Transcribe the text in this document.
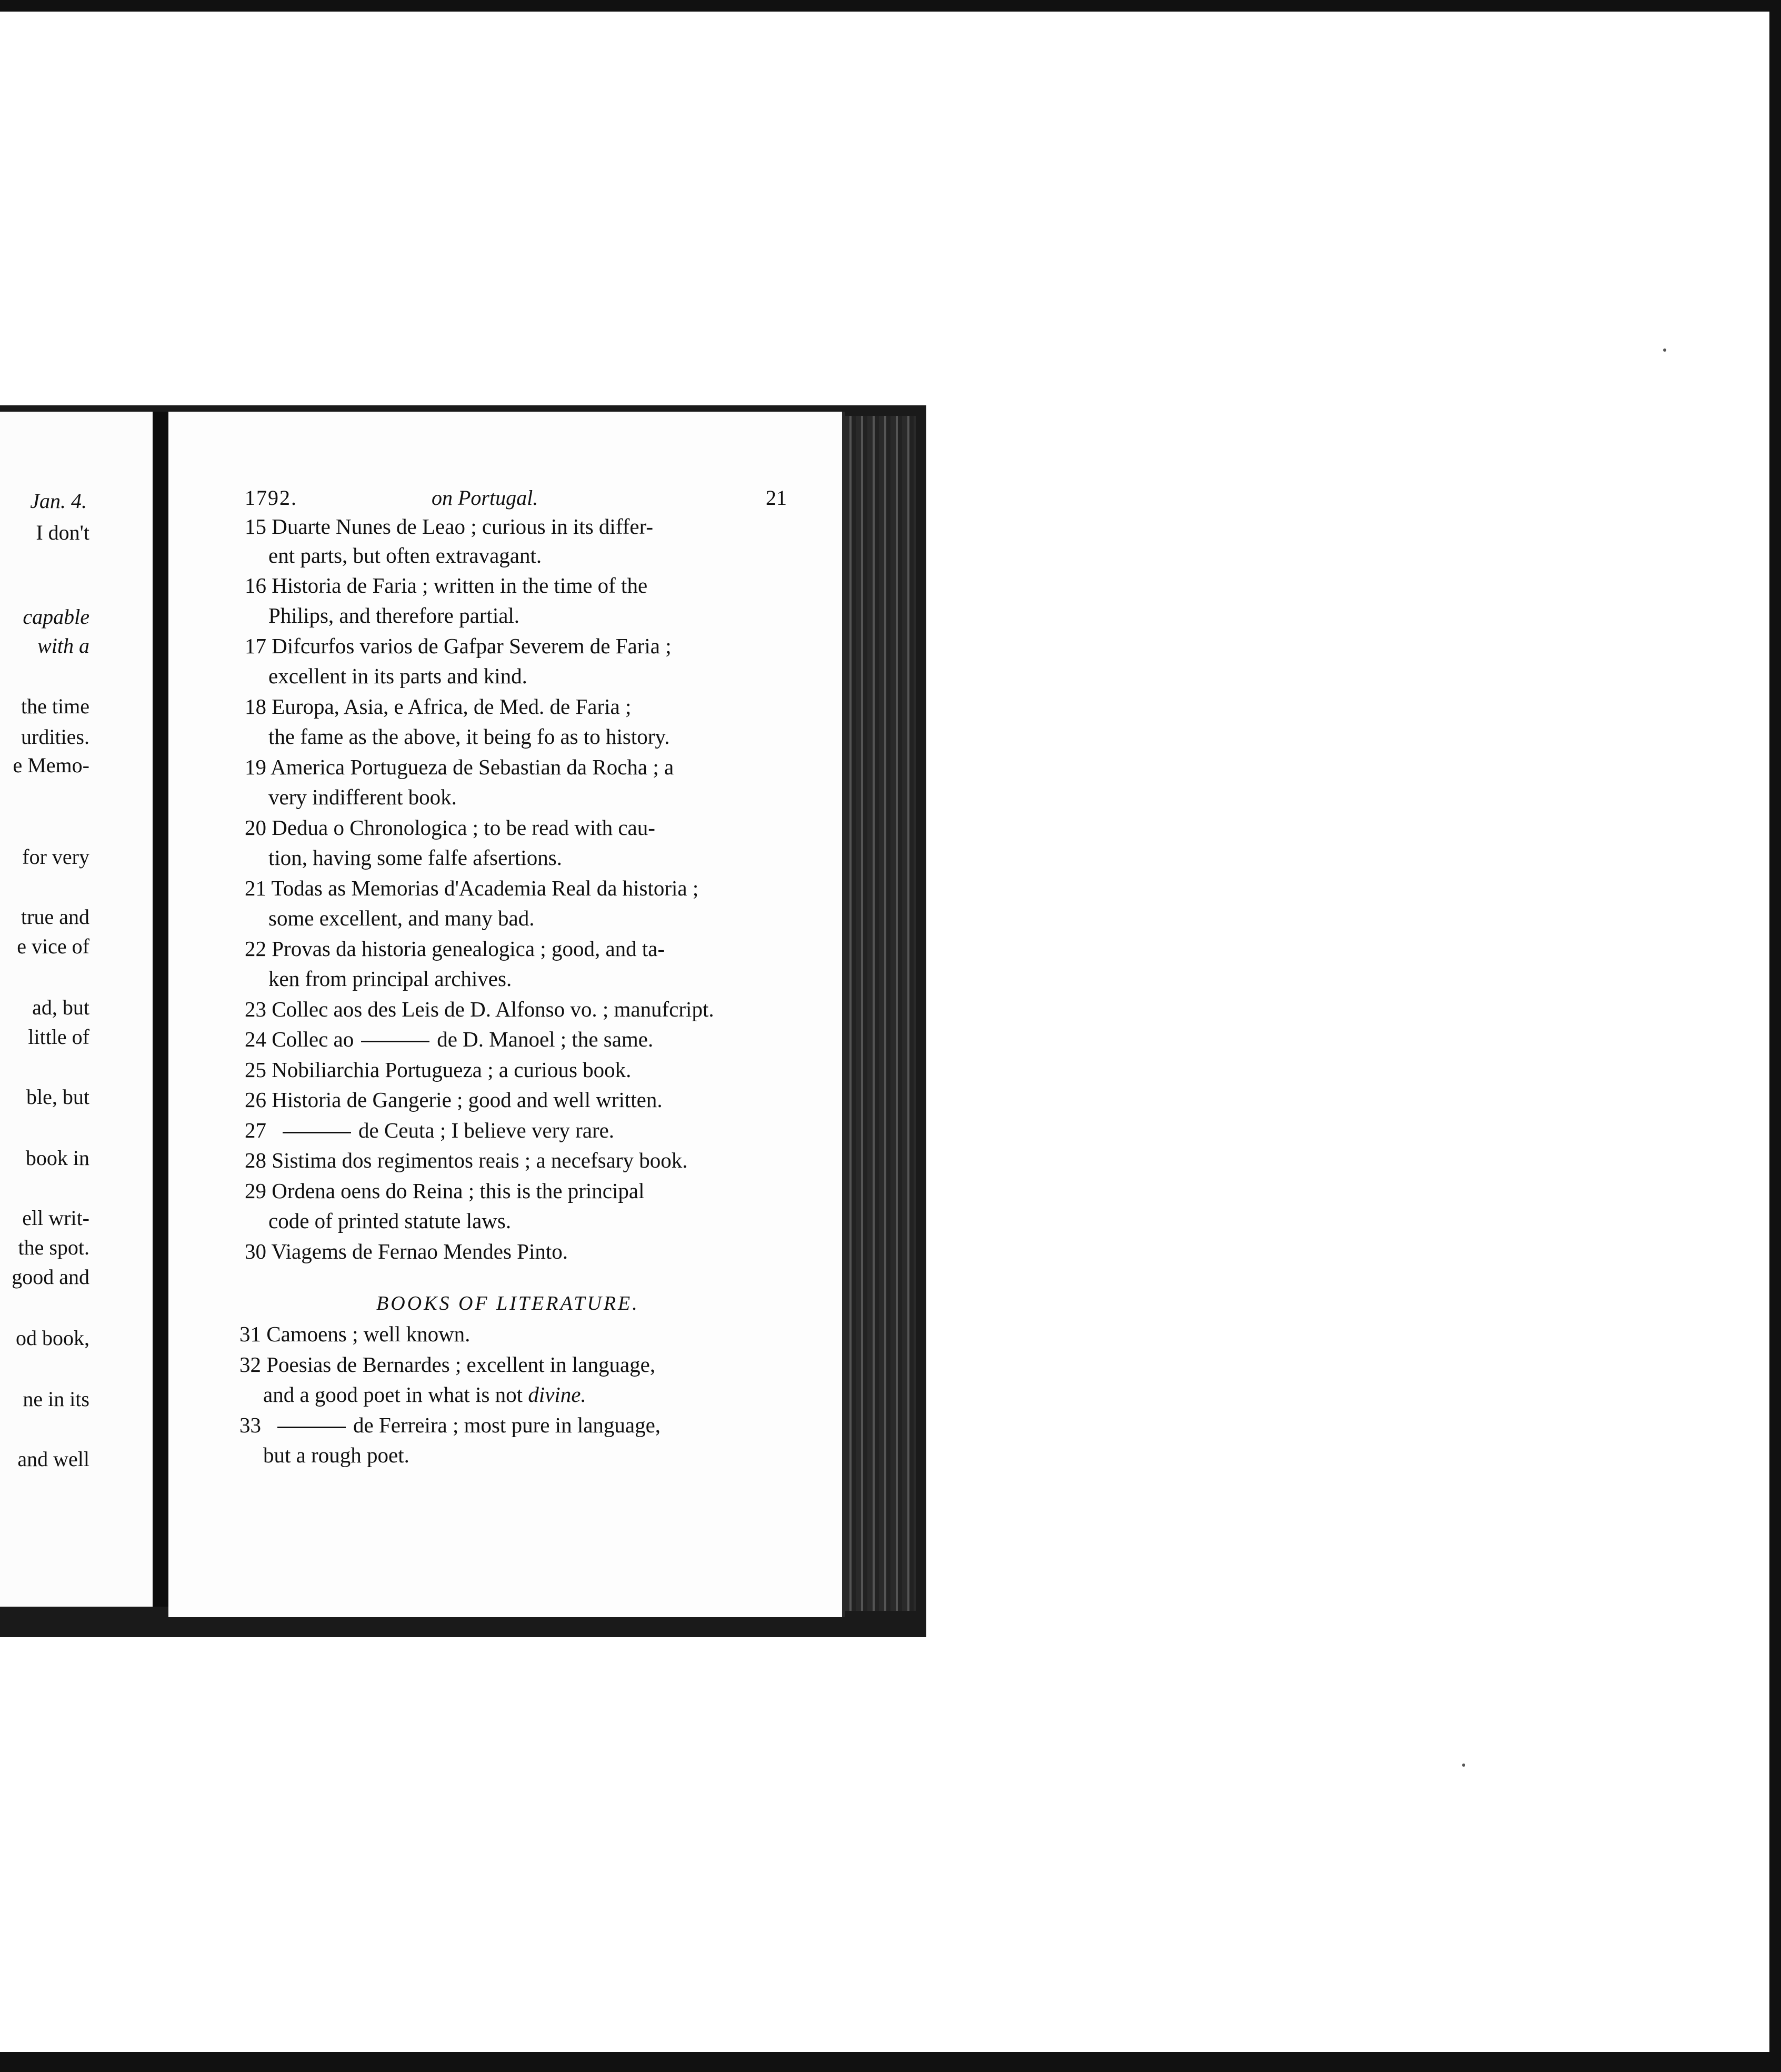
Jan. 4.
I don't
capable
with a
the time
urdities.
e Memo-
for very
true and
e vice of
ad, but
little of
ble, but
book in
ell writ-
the spot.
good and
od book,
ne in its
and well
1792.	on Portugal.	21
15 Duarte Nunes de Leao ; curious in its differ-
ent parts, but often extravagant.
16 Historia de Faria ; written in the time of the
Philips, and therefore partial.
17 Difcurfos varios de Gafpar Severem de Faria ;
excellent in its parts and kind.
18 Europa, Asia, e Africa, de Med. de Faria ;
the fame as the above, it being fo as to history.
19 America Portugueza de Sebastian da Rocha ; a
very indifferent book.
20 Dedua o Chronologica ; to be read with cau-
tion, having some falfe afsertions.
21 Todas as Memorias d'Academia Real da historia ;
some excellent, and many bad.
22 Provas da historia genealogica ; good, and ta-
ken from principal archives.
23 Collec aos des Leis de D. Alfonso vo. ; manufcript.
24 Collec ao	de D. Manoel ; the same.
25 Nobiliarchia Portugueza ; a curious book.
26 Historia de Gangerie ; good and well written.
27	de Ceuta ; I believe very rare.
28 Sistima dos regimentos reais ; a necefsary book.
29 Ordena oens do Reina ; this is the principal
code of printed statute laws.
30 Viagems de Fernao Mendes Pinto.
BOOKS OF LITERATURE.
31 Camoens ; well known.
32 Poesias de Bernardes ; excellent in language,
and a good poet in what is not divine.
33	de Ferreira ; most pure in language,
but a rough poet.
